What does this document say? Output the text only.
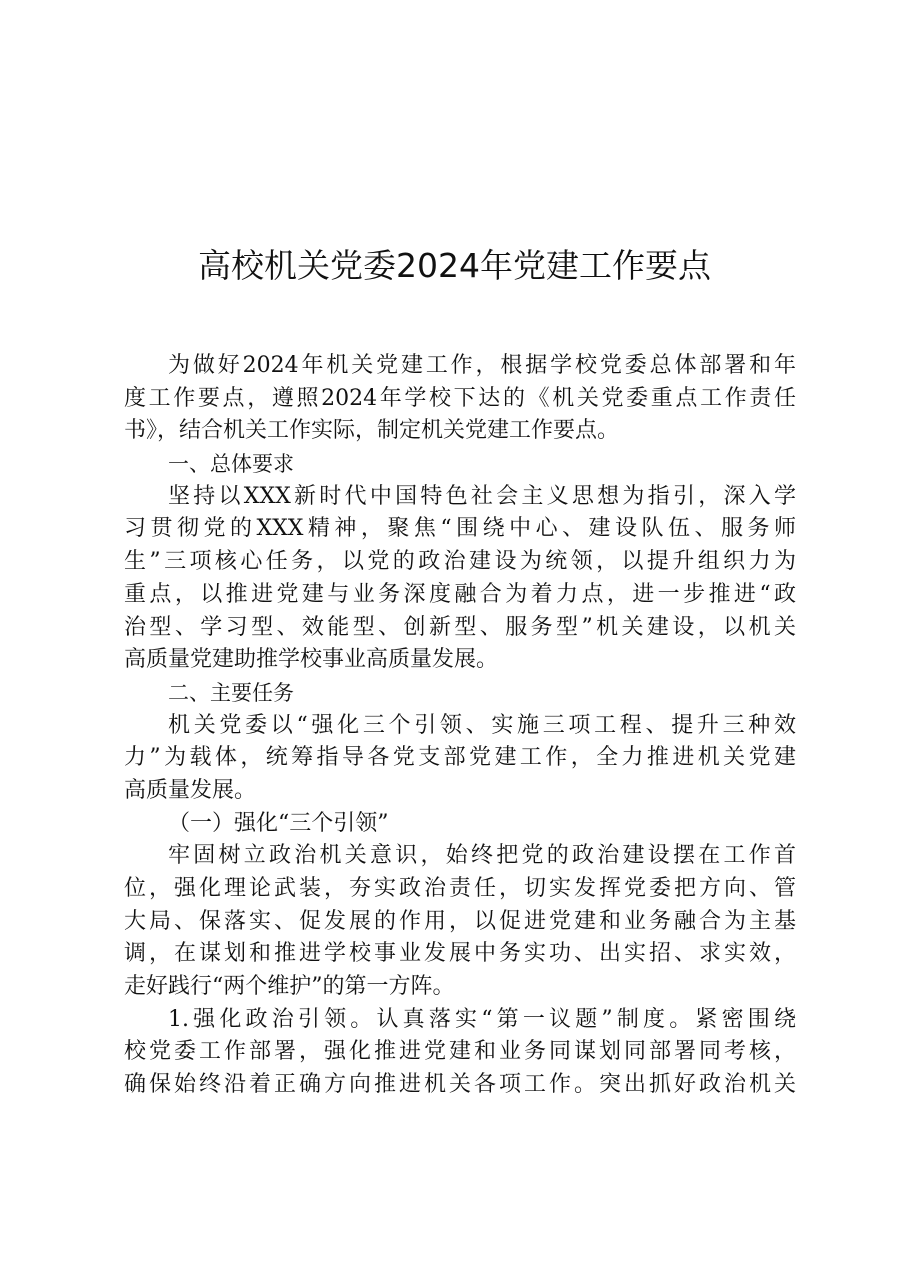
高校机关党委2024年党建工作要点
为做好2024年机关党建工作，根据学校党委总体部署和年
度工作要点，遵照2024年学校下达的《机关党委重点工作责任
书》，结合机关工作实际，制定机关党建工作要点。
一、总体要求
坚持以XXX新时代中国特色社会主义思想为指引，深入学
习贯彻党的XXX精神，聚焦“围绕中心、建设队伍、服务师
生”三项核心任务，以党的政治建设为统领，以提升组织力为
重点，以推进党建与业务深度融合为着力点，进一步推进“政
治型、学习型、效能型、创新型、服务型”机关建设，以机关
高质量党建助推学校事业高质量发展。
二、主要任务
机关党委以“强化三个引领、实施三项工程、提升三种效
力”为载体，统筹指导各党支部党建工作，全力推进机关党建
高质量发展。
（一）强化“三个引领”
牢固树立政治机关意识，始终把党的政治建设摆在工作首
位，强化理论武装，夯实政治责任，切实发挥党委把方向、管
大局、保落实、促发展的作用，以促进党建和业务融合为主基
调，在谋划和推进学校事业发展中务实功、出实招、求实效，
走好践行“两个维护”的第一方阵。
1.强化政治引领。认真落实“第一议题”制度。紧密围绕
校党委工作部署，强化推进党建和业务同谋划同部署同考核，
确保始终沿着正确方向推进机关各项工作。突出抓好政治机关
